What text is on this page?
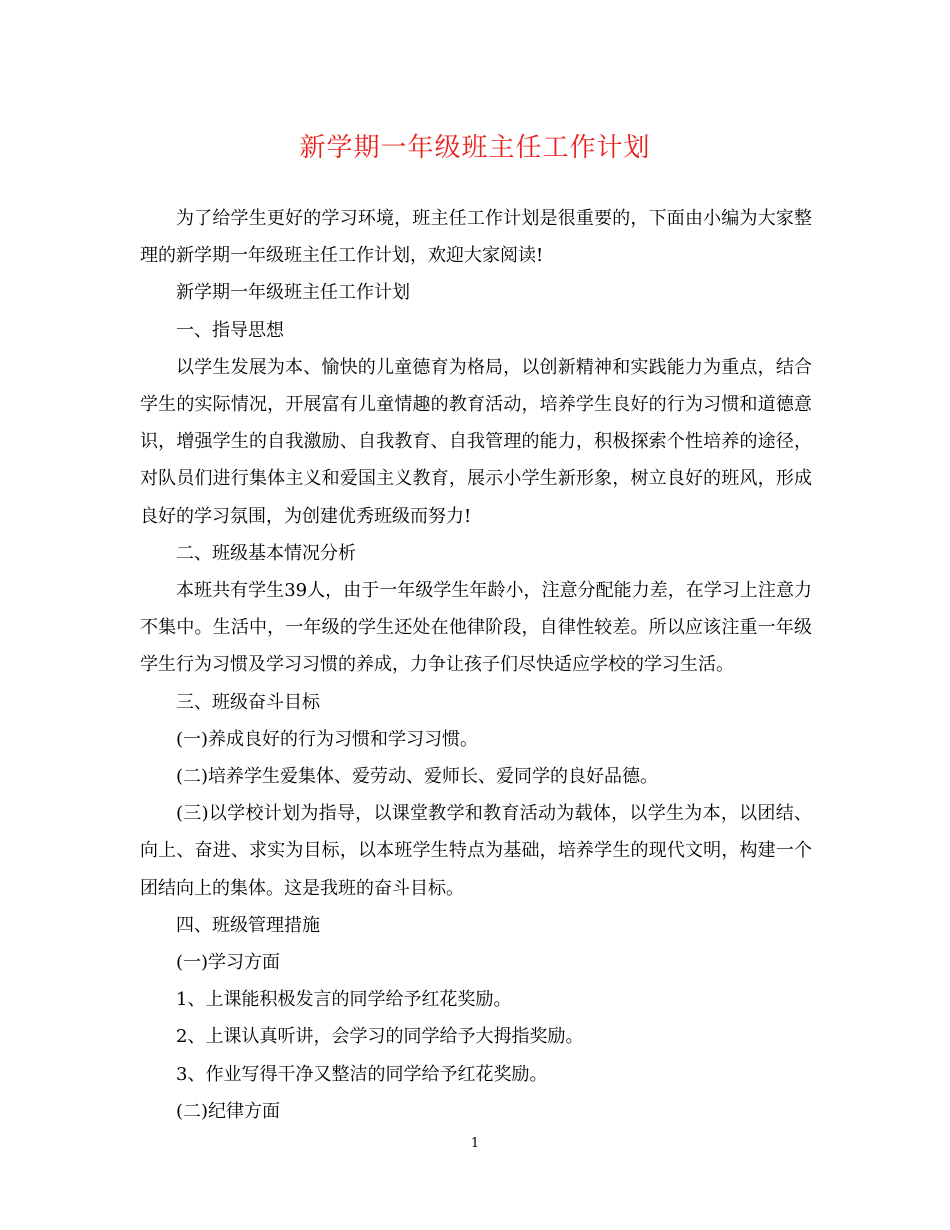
新学期一年级班主任工作计划

为了给学生更好的学习环境，班主任工作计划是很重要的，下面由小编为大家整理的新学期一年级班主任工作计划，欢迎大家阅读!

新学期一年级班主任工作计划

一、指导思想

以学生发展为本、愉快的儿童德育为格局，以创新精神和实践能力为重点，结合学生的实际情况，开展富有儿童情趣的教育活动，培养学生良好的行为习惯和道德意识，增强学生的自我激励、自我教育、自我管理的能力，积极探索个性培养的途径，对队员们进行集体主义和爱国主义教育，展示小学生新形象，树立良好的班风，形成良好的学习氛围，为创建优秀班级而努力!

二、班级基本情况分析

本班共有学生39人，由于一年级学生年龄小，注意分配能力差，在学习上注意力不集中。生活中，一年级的学生还处在他律阶段，自律性较差。所以应该注重一年级学生行为习惯及学习习惯的养成，力争让孩子们尽快适应学校的学习生活。

三、班级奋斗目标

(一)养成良好的行为习惯和学习习惯。

(二)培养学生爱集体、爱劳动、爱师长、爱同学的良好品德。

(三)以学校计划为指导，以课堂教学和教育活动为载体，以学生为本，以团结、向上、奋进、求实为目标，以本班学生特点为基础，培养学生的现代文明，构建一个团结向上的集体。这是我班的奋斗目标。

四、班级管理措施

(一)学习方面

1、上课能积极发言的同学给予红花奖励。

2、上课认真听讲，会学习的同学给予大拇指奖励。

3、作业写得干净又整洁的同学给予红花奖励。

(二)纪律方面

1
